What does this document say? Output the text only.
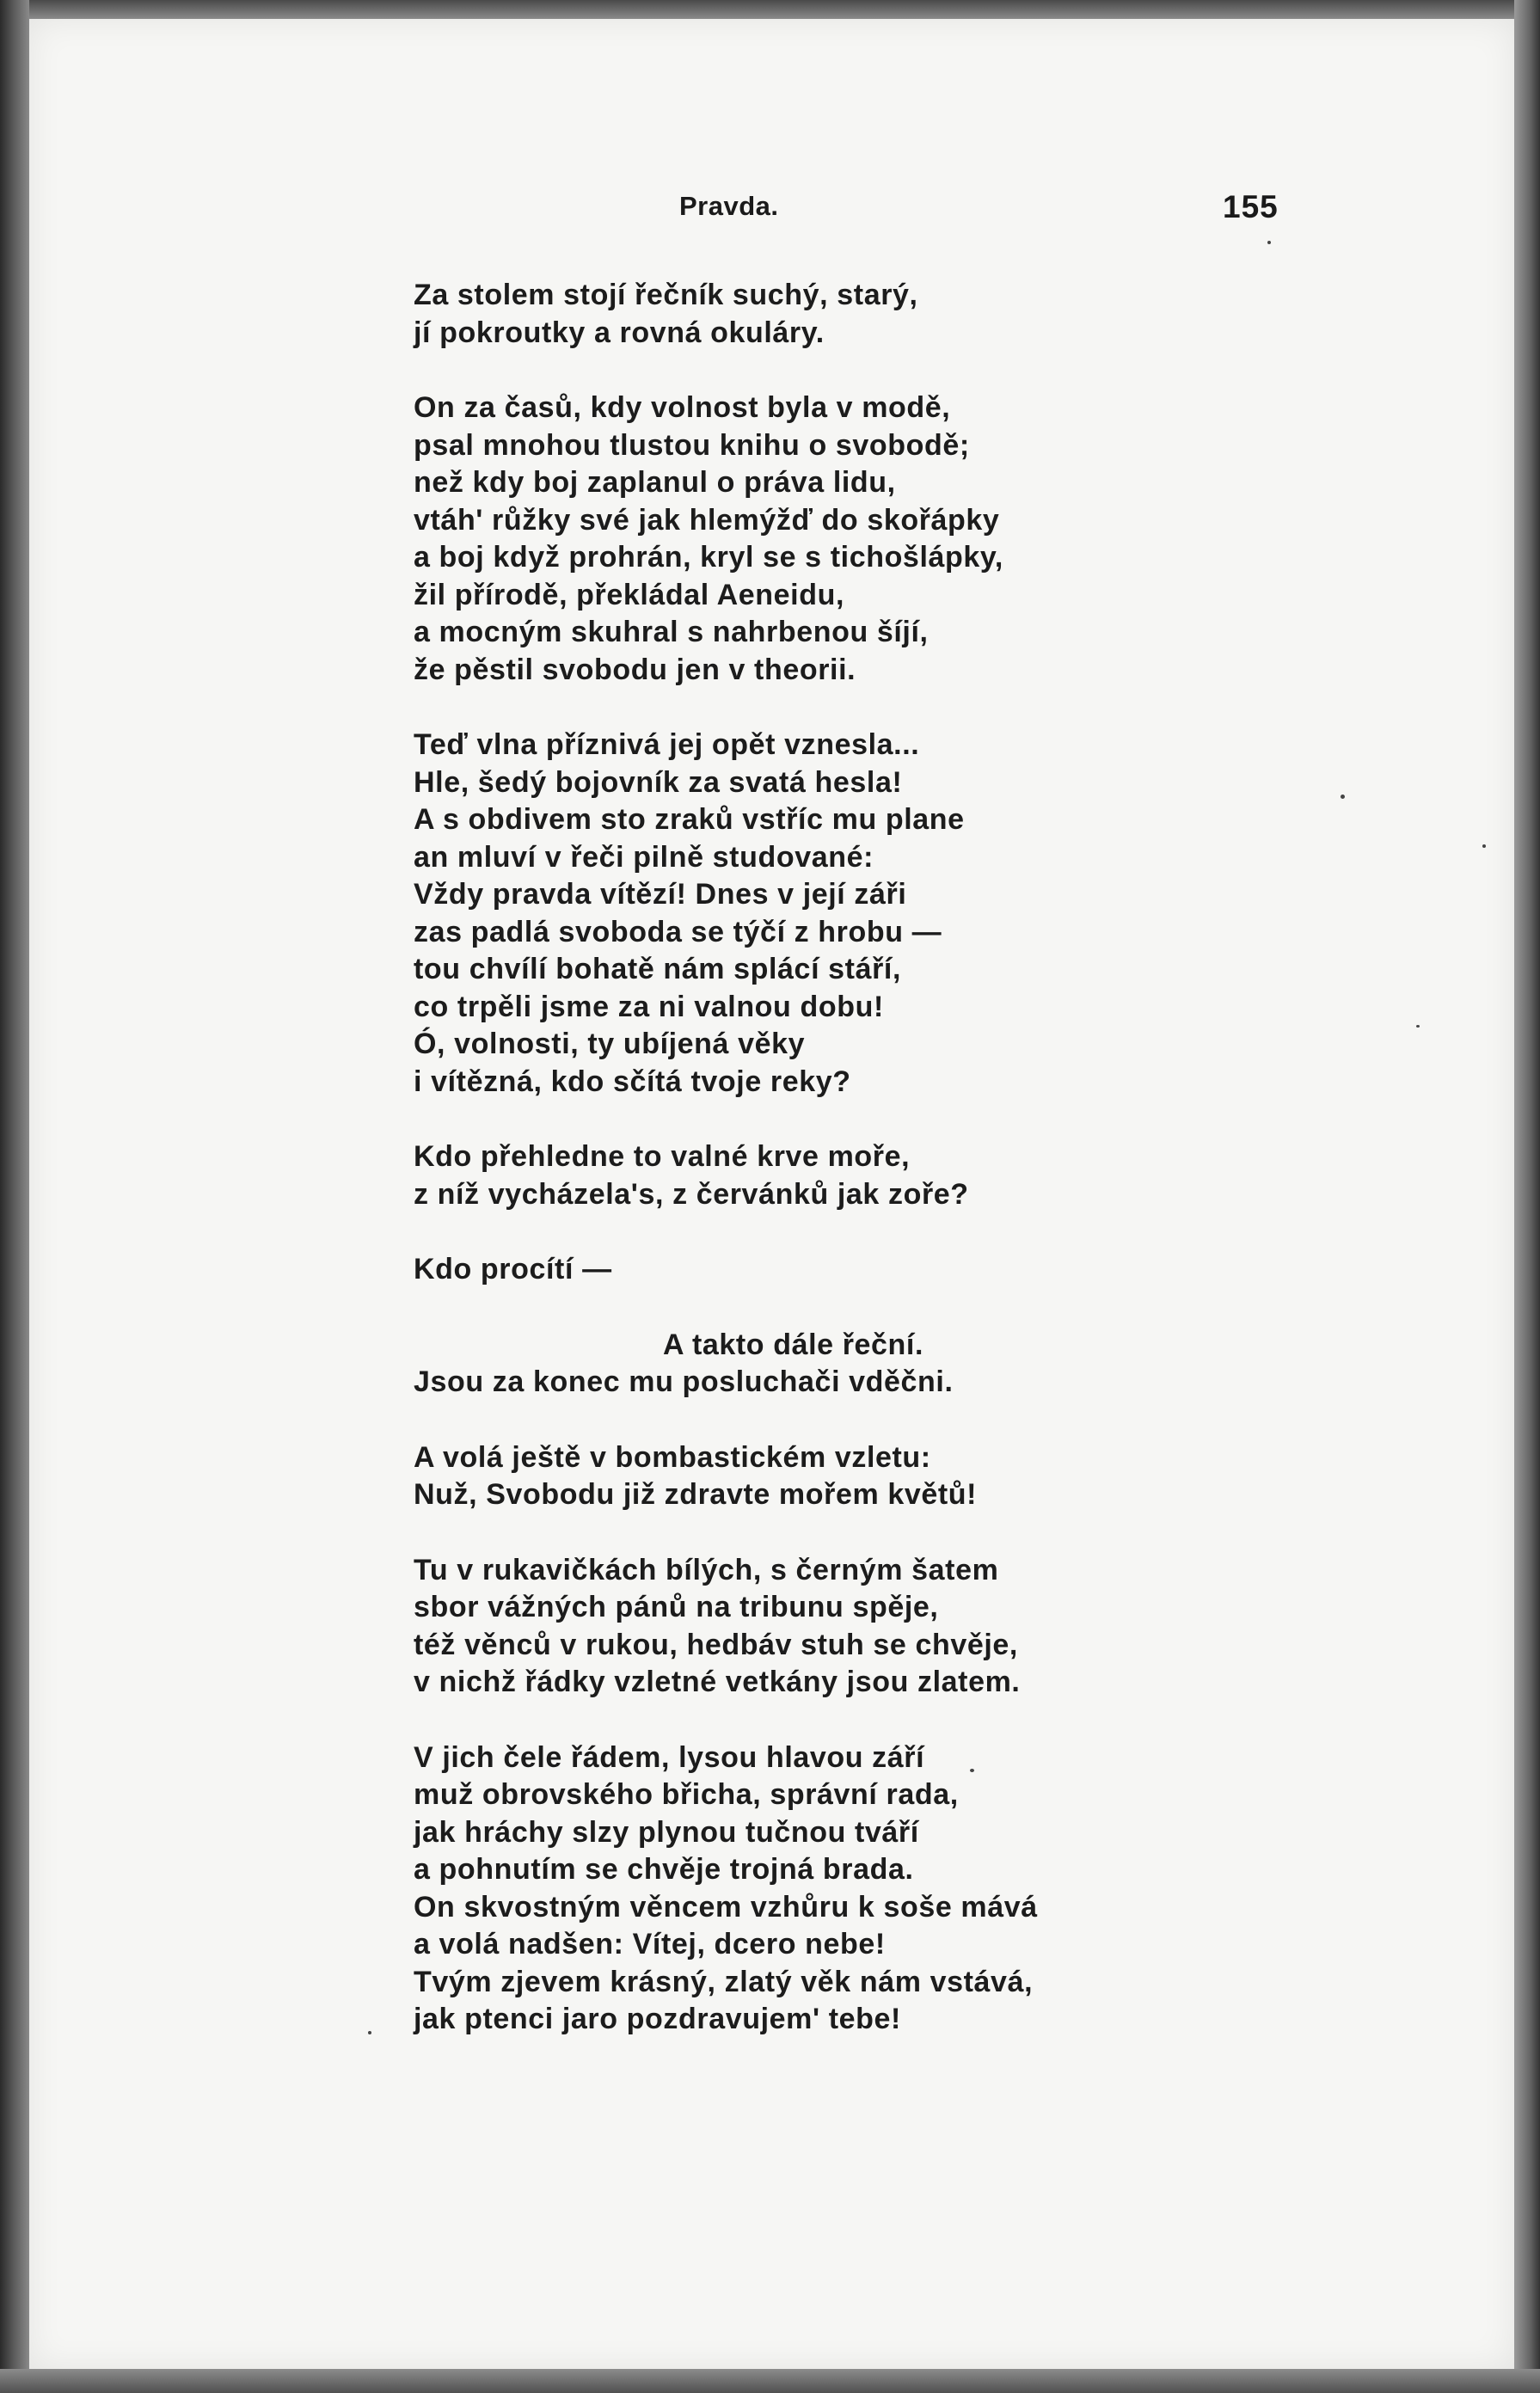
Pravda.	155
Za stolem stojí řečník suchý, starý,
jí pokroutky a rovná okuláry.
On za časů, kdy volnost byla v modě,
psal mnohou tlustou knihu o svobodě;
než kdy boj zaplanul o práva lidu,
vtáh' růžky své jak hlemýžď do skořápky
a boj když prohrán, kryl se s tichošlápky,
žil přírodě, překládal Aeneidu,
a mocným skuhral s nahrbenou šíjí,
že pěstil svobodu jen v theorii.
Teď vlna příznivá jej opět vznesla...
Hle, šedý bojovník za svatá hesla!
A s obdivem sto zraků vstříc mu plane
an mluví v řeči pilně studované:
Vždy pravda vítězí! Dnes v její záři
zas padlá svoboda se týčí z hrobu —
tou chvílí bohatě nám splácí stáří,
co trpěli jsme za ni valnou dobu!
Ó, volnosti, ty ubíjená věky
i vítězná, kdo sčítá tvoje reky?
Kdo přehledne to valné krve moře,
z níž vycházela's, z červánků jak zoře?
Kdo procítí —
A takto dále řeční.
Jsou za konec mu posluchači vděčni.
A volá ještě v bombastickém vzletu:
Nuž, Svobodu již zdravte mořem květů!
Tu v rukavičkách bílých, s černým šatem
sbor vážných pánů na tribunu spěje,
též věnců v rukou, hedbáv stuh se chvěje,
v nichž řádky vzletné vetkány jsou zlatem.
V jich čele řádem, lysou hlavou září
muž obrovského břicha, správní rada,
jak hráchy slzy plynou tučnou tváří
a pohnutím se chvěje trojná brada.
On skvostným věncem vzhůru k soše mává
a volá nadšen: Vítej, dcero nebe!
Tvým zjevem krásný, zlatý věk nám vstává,
jak ptenci jaro pozdravujem' tebe!
